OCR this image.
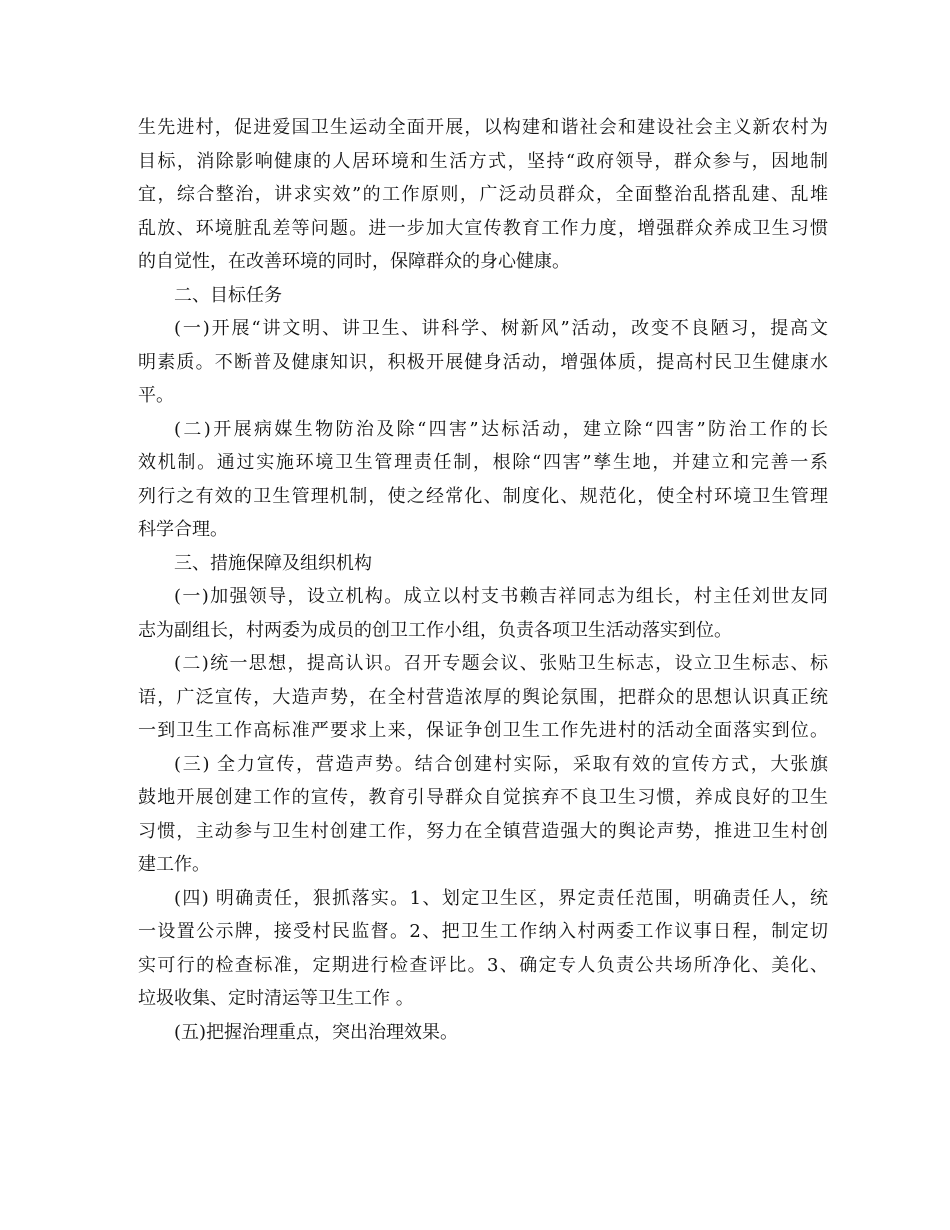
生先进村，促进爱国卫生运动全面开展，以构建和谐社会和建设社会主义新农村为
目标，消除影响健康的人居环境和生活方式，坚持“政府领导，群众参与，因地制
宜，综合整治，讲求实效”的工作原则，广泛动员群众，全面整治乱搭乱建、乱堆
乱放、环境脏乱差等问题。进一步加大宣传教育工作力度，增强群众养成卫生习惯
的自觉性，在改善环境的同时，保障群众的身心健康。
二、目标任务
(一)开展“讲文明、讲卫生、讲科学、树新风”活动，改变不良陋习，提高文
明素质。不断普及健康知识，积极开展健身活动，增强体质，提高村民卫生健康水
平。
(二)开展病媒生物防治及除“四害”达标活动，建立除“四害”防治工作的长
效机制。通过实施环境卫生管理责任制，根除“四害”孳生地，并建立和完善一系
列行之有效的卫生管理机制，使之经常化、制度化、规范化，使全村环境卫生管理
科学合理。
三、措施保障及组织机构
(一)加强领导，设立机构。成立以村支书赖吉祥同志为组长，村主任刘世友同
志为副组长，村两委为成员的创卫工作小组，负责各项卫生活动落实到位。
(二)统一思想，提高认识。召开专题会议、张贴卫生标志，设立卫生标志、标
语，广泛宣传，大造声势，在全村营造浓厚的舆论氛围，把群众的思想认识真正统
一到卫生工作高标准严要求上来，保证争创卫生工作先进村的活动全面落实到位。
(三) 全力宣传，营造声势。结合创建村实际，采取有效的宣传方式，大张旗
鼓地开展创建工作的宣传，教育引导群众自觉摈弃不良卫生习惯，养成良好的卫生
习惯，主动参与卫生村创建工作，努力在全镇营造强大的舆论声势，推进卫生村创
建工作。
(四) 明确责任，狠抓落实。1、划定卫生区，界定责任范围，明确责任人，统
一设置公示牌，接受村民监督。2、把卫生工作纳入村两委工作议事日程，制定切
实可行的检查标准，定期进行检查评比。3、确定专人负责公共场所净化、美化、
垃圾收集、定时清运等卫生工作 。
(五)把握治理重点，突出治理效果。
